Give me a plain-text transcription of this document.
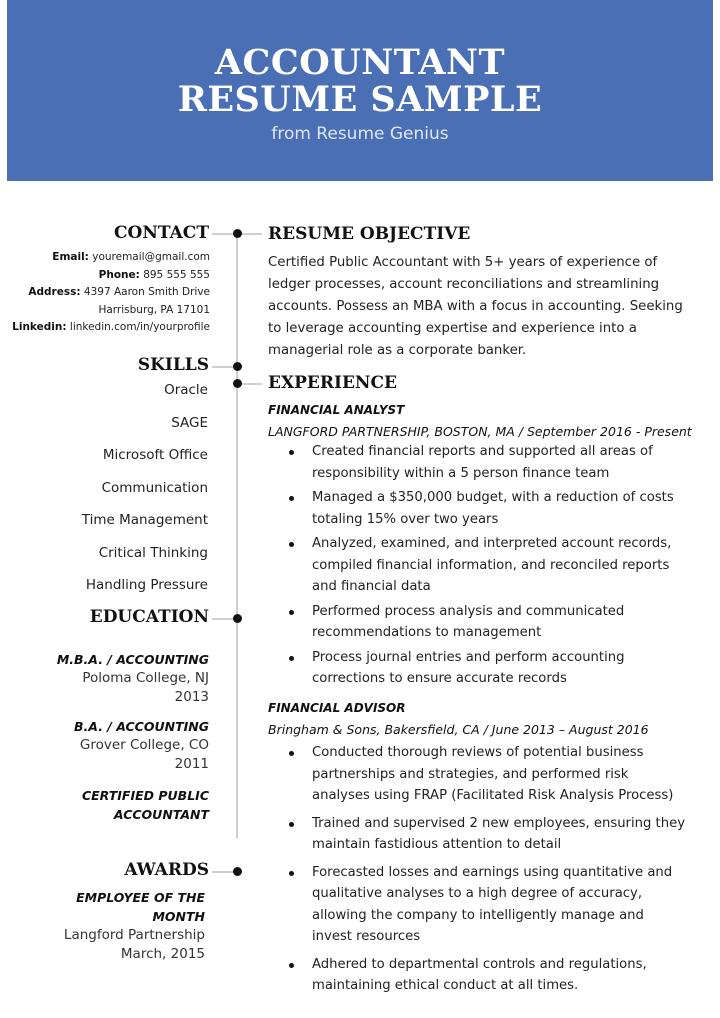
ACCOUNTANT
RESUME SAMPLE
from Resume Genius
CONTACT
SKILLS
EDUCATION
AWARDS
Email: youremail@gmail.com
Phone: 895 555 555
Address: 4397 Aaron Smith Drive
Harrisburg, PA 17101
Linkedin: linkedin.com/in/yourprofile
Oracle
SAGE
Microsoft Office
Communication
Time Management
Critical Thinking
Handling Pressure
M.B.A. / ACCOUNTING
Poloma College, NJ
2013
B.A. / ACCOUNTING
Grover College, CO
2011
CERTIFIED PUBLIC
ACCOUNTANT
EMPLOYEE OF THE
MONTH
Langford Partnership
March, 2015
RESUME OBJECTIVE
Certified Public Accountant with 5+ years of experience of ledger processes, account reconciliations and streamlining accounts. Possess an MBA with a focus in accounting. Seeking to leverage accounting expertise and experience into a managerial role as a corporate banker.
EXPERIENCE
FINANCIAL ANALYST
LANGFORD PARTNERSHIP, BOSTON, MA / September 2016 - Present
Created financial reports and supported all areas of responsibility within a 5 person finance team
Managed a $350,000 budget, with a reduction of costs totaling 15% over two years
Analyzed, examined, and interpreted account records, compiled financial information, and reconciled reports and financial data
Performed process analysis and communicated recommendations to management
Process journal entries and perform accounting corrections to ensure accurate records
FINANCIAL ADVISOR
Bringham & Sons, Bakersfield, CA / June 2013 – August 2016
Conducted thorough reviews of potential business partnerships and strategies, and performed risk analyses using FRAP (Facilitated Risk Analysis Process)
Trained and supervised 2 new employees, ensuring they maintain fastidious attention to detail
Forecasted losses and earnings using quantitative and qualitative analyses to a high degree of accuracy, allowing the company to intelligently manage and invest resources
Adhered to departmental controls and regulations, maintaining ethical conduct at all times.
